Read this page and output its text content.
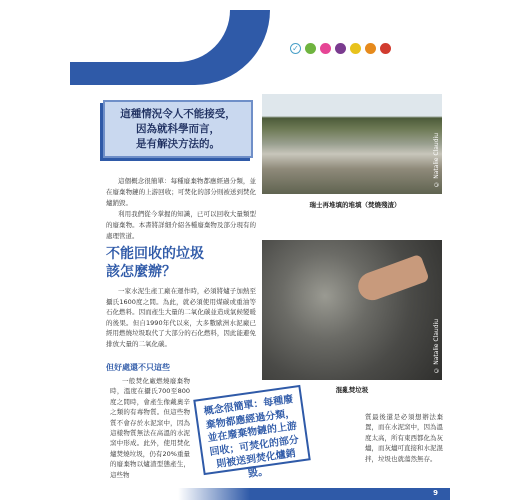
✓
這種情況令人不能接受，
因為就科學而言，
是有解決方法的。	© Natalie Claudiu
瑞士再堆填的堆填（焚燒殘渣）

這個概念很簡單：每種廢棄物都應經過分類，並在廢棄物鏈的上游回收；可焚化的部分則被送到焚化爐銷毀。

利用我們從今掌握的知識，已可以回收大量類型的廢棄物。本書將詳細介紹各種廢棄物及部分現有的處理管道。

不能回收的垃圾
該怎麼辦？

一家水泥生產工廠在運作時，必須將爐子加熱至攝氏1600度之間。為此，就必須使用煤碳或重油等石化燃料。因而產生大量的二氧化碳並造成氣候變暖的後果。但自1990年代以來，大多數歐洲水泥廠已經用燃燒垃圾取代了大部分的石化燃料，因此能避免排放大量的二氧化碳。	© Natalie Claudiu
混亂焚垃圾
但好處還不只這些

一般焚化廠燃燒廢棄物時，溫度在攝氏700至800度之間時，會產生像戴奧辛之類的有毒物質。但這些物質不會存於水泥窯中，因為這樣物質無法在高溫的水泥窯中形成。此外，使用焚化爐焚燒垃圾，仍有20%重量的廢棄物以爐渣型態產生，這些物

概念很簡單：每種廢棄物都應經過分類，並在廢棄物鏈的上游回收；可焚化的部分則被送到焚化爐銷毀。
質最後還是必須想辦法棄置，而在水泥窯中，因為溫度太高，所有東西都化為灰燼，而灰燼可直接和水泥混拌，垃圾也就蕩然無存。
9
